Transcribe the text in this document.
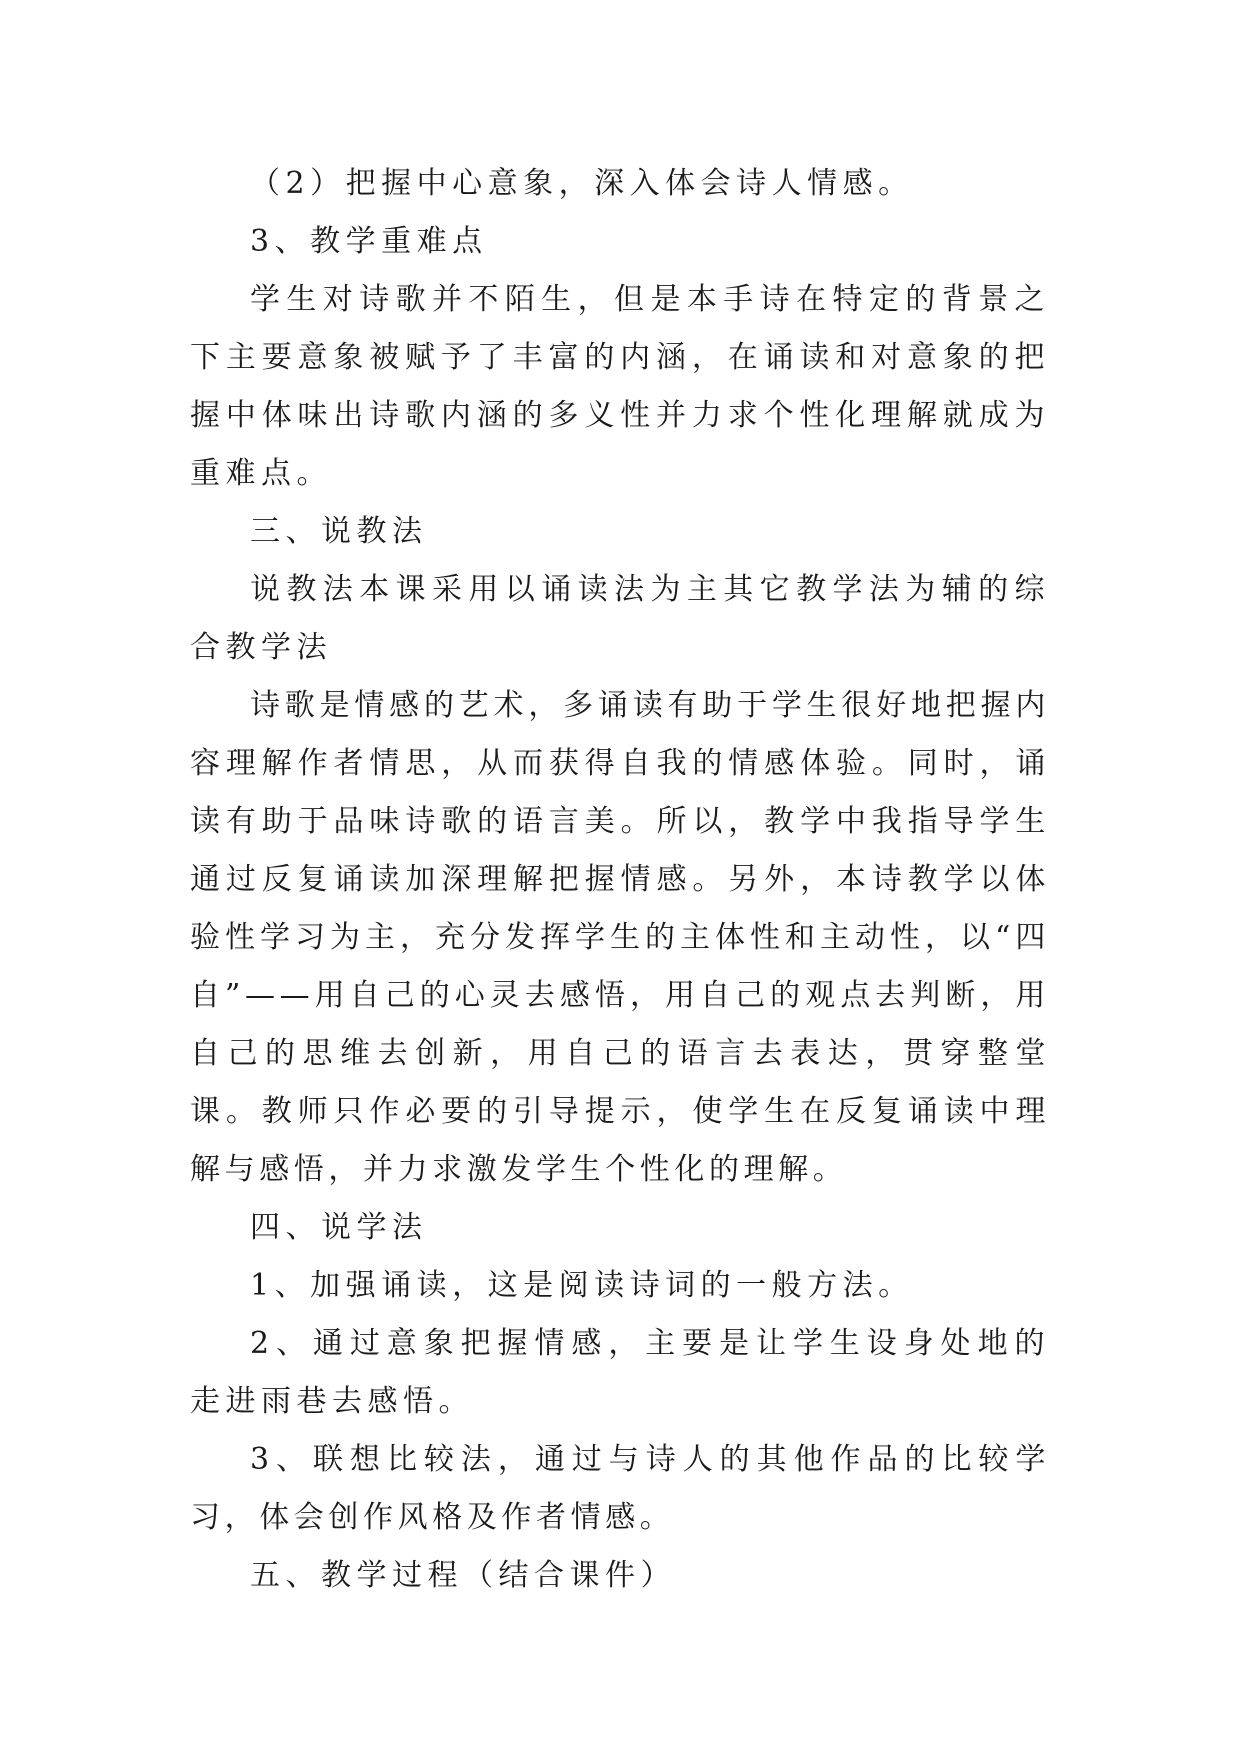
（2）把握中心意象，深入体会诗人情感。

3、教学重难点

学生对诗歌并不陌生，但是本手诗在特定的背景之下主要意象被赋予了丰富的内涵，在诵读和对意象的把握中体味出诗歌内涵的多义性并力求个性化理解就成为重难点。

三、说教法

说教法本课采用以诵读法为主其它教学法为辅的综合教学法

诗歌是情感的艺术，多诵读有助于学生很好地把握内容理解作者情思，从而获得自我的情感体验。同时，诵读有助于品味诗歌的语言美。所以，教学中我指导学生通过反复诵读加深理解把握情感。另外，本诗教学以体验性学习为主，充分发挥学生的主体性和主动性，以“四自”——用自己的心灵去感悟，用自己的观点去判断，用自己的思维去创新，用自己的语言去表达，贯穿整堂课。教师只作必要的引导提示，使学生在反复诵读中理解与感悟，并力求激发学生个性化的理解。

四、说学法

1、加强诵读，这是阅读诗词的一般方法。

2、通过意象把握情感，主要是让学生设身处地的走进雨巷去感悟。

3、联想比较法，通过与诗人的其他作品的比较学习，体会创作风格及作者情感。

五、教学过程（结合课件）
